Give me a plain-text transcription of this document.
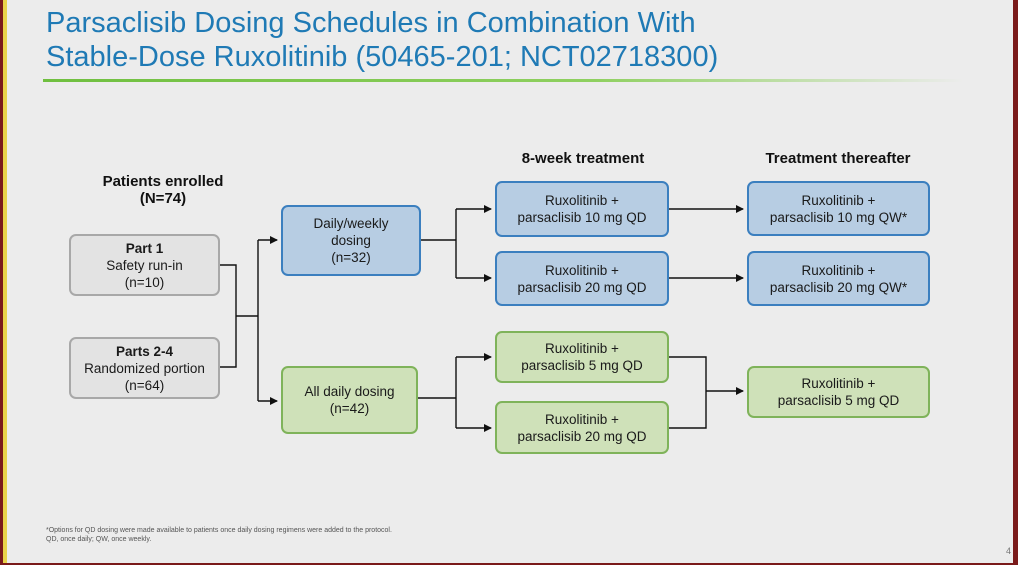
Parsaclisib Dosing Schedules in Combination With
Stable-Dose Ruxolitinib (50465-201; NCT02718300)
Patients enrolled
(N=74)
8-week treatment	Treatment thereafter
Part 1
Safety run-in
(n=10)
Parts 2-4
Randomized portion
(n=64)
Daily/weekly
dosing
(n=32)
All daily dosing
(n=42)
Ruxolitinib +
parsaclisib 10 mg QD
Ruxolitinib +
parsaclisib 20 mg QD
Ruxolitinib +
parsaclisib 5 mg QD
Ruxolitinib +
parsaclisib 20 mg QD
Ruxolitinib +
parsaclisib 10 mg QW*
Ruxolitinib +
parsaclisib 20 mg QW*
Ruxolitinib +
parsaclisib 5 mg QD
*Options for QD dosing were made available to patients once daily dosing regimens were added to the protocol.
QD, once daily; QW, once weekly.
4
